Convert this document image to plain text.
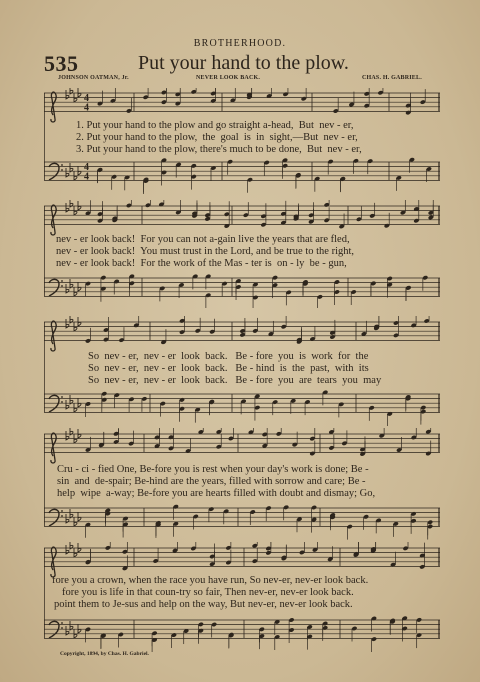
BROTHERHOOD.
535	Put your hand to the plow.
JOHNSON OATMAN, Jr.	NEVER LOOK BACK.	CHAS. H. GABRIEL.
4
4
4
4
1. Put your hand to the plow and go straight a-head,  But  nev - er,
2. Put your hand to the plow,  the  goal  is  in  sight,—But  nev - er,
3. Put your hand to the plow, there's much to be done,  But  nev - er,
nev - er look back!  For you can not a-gain live the years that are fled,
nev - er look back!  You must trust in the Lord, and be true to the right,
nev - er look back!  For the work of the Mas - ter is  on - ly  be - gun,
So  nev - er,  nev - er  look  back.   Be - fore  you  is  work  for  the
So  nev - er,  nev - er  look  back.   Be - hind  is  the  past,  with  its
So  nev - er,  nev - er  look  back.   Be - fore  you  are  tears  you  may
Cru - ci - fied One, Be-fore you is rest when your day's work is done; Be -
sin  and  de-spair; Be-hind are the years, filled with sorrow and care; Be -
help  wipe  a-way; Be-fore you are hearts filled with doubt and dismay; Go,
fore you a crown, when the race you have run, So nev-er, nev-er look back.
fore you is life in that coun-try so fair, Then nev-er, nev-er look back.
point them to Je-sus and help on the way, But nev-er, nev-er look back.
Copyright, 1894, by Chas. H. Gabriel.
